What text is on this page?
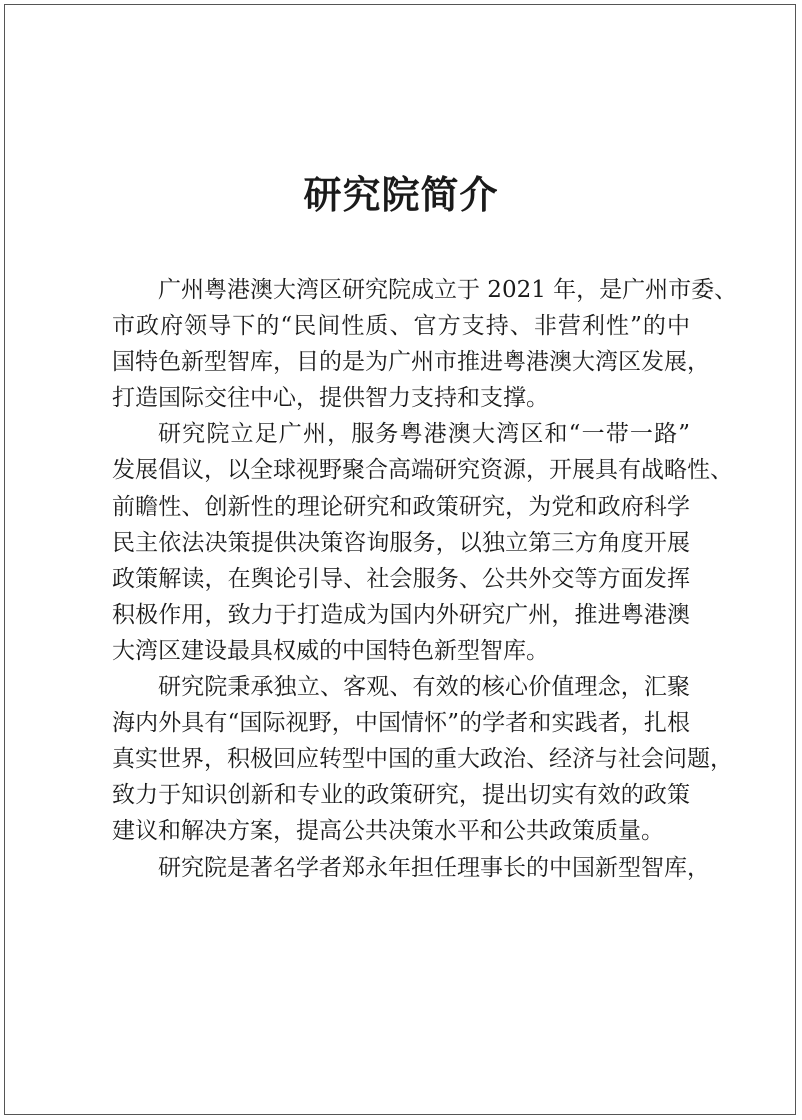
研究院简介
广州粤港澳大湾区研究院成立于 2021 年，是广州市委、
市政府领导下的“民间性质、官方支持、非营利性”的中
国特色新型智库，目的是为广州市推进粤港澳大湾区发展，
打造国际交往中心，提供智力支持和支撑。
研究院立足广州，服务粤港澳大湾区和“一带一路”
发展倡议，以全球视野聚合高端研究资源，开展具有战略性、
前瞻性、创新性的理论研究和政策研究，为党和政府科学
民主依法决策提供决策咨询服务，以独立第三方角度开展
政策解读，在舆论引导、社会服务、公共外交等方面发挥
积极作用，致力于打造成为国内外研究广州，推进粤港澳
大湾区建设最具权威的中国特色新型智库。
研究院秉承独立、客观、有效的核心价值理念，汇聚
海内外具有“国际视野，中国情怀”的学者和实践者，扎根
真实世界，积极回应转型中国的重大政治、经济与社会问题，
致力于知识创新和专业的政策研究，提出切实有效的政策
建议和解决方案，提高公共决策水平和公共政策质量。
研究院是著名学者郑永年担任理事长的中国新型智库，
